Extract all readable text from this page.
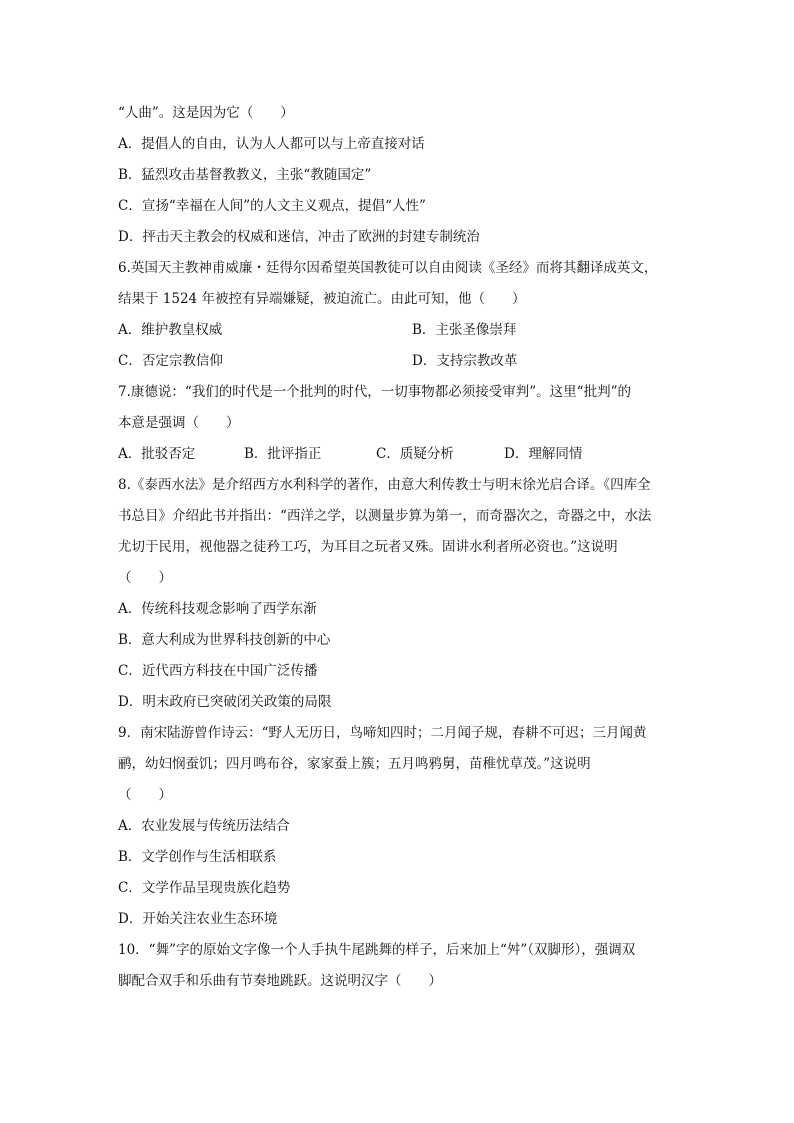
“人曲”。这是因为它（　　）
A．提倡人的自由，认为人人都可以与上帝直接对话
B．猛烈攻击基督教教义，主张“教随国定”
C．宣扬“幸福在人间”的人文主义观点，提倡“人性”
D．抨击天主教会的权威和迷信，冲击了欧洲的封建专制统治
6.英国天主教神甫威廉・廷得尔因希望英国教徒可以自由阅读《圣经》而将其翻译成英文，
结果于 1524 年被控有异端嫌疑，被迫流亡。由此可知，他（　　）
A．维护教皇权威	B．主张圣像崇拜
C．否定宗教信仰	D．支持宗教改革
7.康德说：“我们的时代是一个批判的时代，一切事物都必须接受审判”。这里“批判”的
本意是强调（　　）
A．批驳否定	B．批评指正	C．质疑分析	D．理解同情
8.《泰西水法》是介绍西方水利科学的著作，由意大利传教士与明末徐光启合译。《四库全
书总目》介绍此书并指出：“西洋之学，以测量步算为第一，而奇器次之，奇器之中，水法
尤切于民用，视他器之徒矜工巧，为耳目之玩者又殊。固讲水利者所必资也。”这说明
（　　）
A．传统科技观念影响了西学东渐
B．意大利成为世界科技创新的中心
C．近代西方科技在中国广泛传播
D．明末政府已突破闭关政策的局限
9．南宋陆游曾作诗云：“野人无历日，鸟啼知四时；二月闻子规，春耕不可迟；三月闻黄
鹂，幼妇悯蚕饥；四月鸣布谷，家家蚕上簇；五月鸣鸦舅，苗稚忧草茂。”这说明
（　　）
A．农业发展与传统历法结合
B．文学创作与生活相联系
C．文学作品呈现贵族化趋势
D．开始关注农业生态环境
10．“舞”字的原始文字像一个人手执牛尾跳舞的样子，后来加上“舛”（双脚形），强调双
脚配合双手和乐曲有节奏地跳跃。这说明汉字（　　）
